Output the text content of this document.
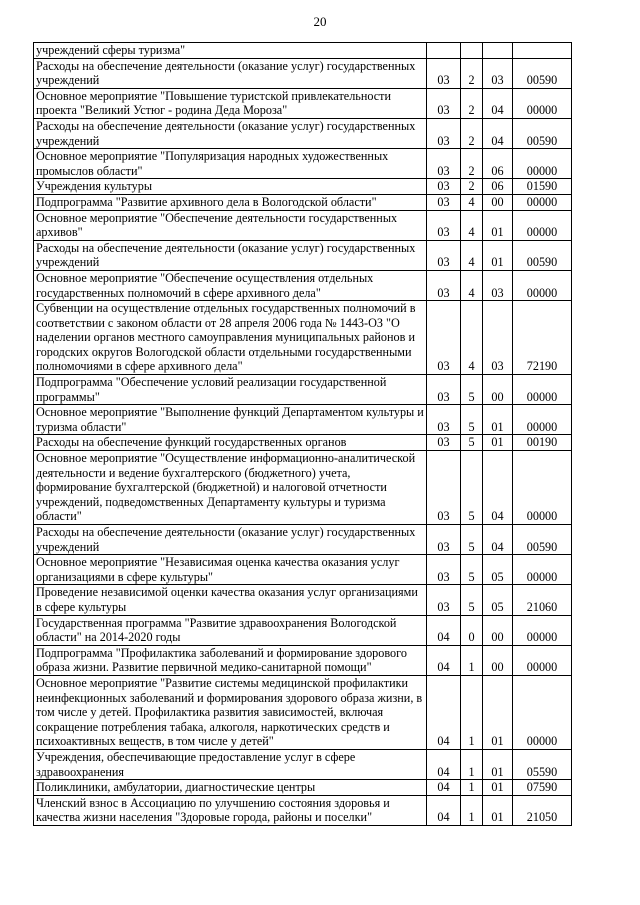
20
учреждений сферы туризма"				
Расходы на обеспечение деятельности (оказание услуг) государственных учреждений	03	2	03	00590
Основное мероприятие "Повышение туристской привлекательности проекта "Великий Устюг - родина Деда Мороза"	03	2	04	00000
Расходы на обеспечение деятельности (оказание услуг) государственных учреждений	03	2	04	00590
Основное мероприятие "Популяризация народных художественных промыслов области"	03	2	06	00000
Учреждения культуры	03	2	06	01590
Подпрограмма "Развитие архивного дела в Вологодской области"	03	4	00	00000
Основное мероприятие "Обеспечение деятельности государственных архивов"	03	4	01	00000
Расходы на обеспечение деятельности (оказание услуг) государственных учреждений	03	4	01	00590
Основное мероприятие "Обеспечение осуществления отдельных государственных полномочий в сфере архивного дела"	03	4	03	00000
Субвенции на осуществление отдельных государственных полномочий в соответствии с законом области от 28 апреля 2006 года № 1443-ОЗ "О наделении органов местного самоуправления муниципальных районов и городских округов Вологодской области отдельными государственными полномочиями в сфере архивного дела"	03	4	03	72190
Подпрограмма "Обеспечение условий реализации государственной программы"	03	5	00	00000
Основное мероприятие "Выполнение функций Департаментом культуры и туризма области"	03	5	01	00000
Расходы на обеспечение функций государственных органов	03	5	01	00190
Основное мероприятие "Осуществление информационно-аналитической деятельности и ведение бухгалтерского (бюджетного) учета, формирование бухгалтерской (бюджетной) и налоговой отчетности учреждений, подведомственных Департаменту культуры и туризма области"	03	5	04	00000
Расходы на обеспечение деятельности (оказание услуг) государственных учреждений	03	5	04	00590
Основное мероприятие "Независимая оценка качества оказания услуг организациями в сфере культуры"	03	5	05	00000
Проведение независимой оценки качества оказания услуг организациями в сфере культуры	03	5	05	21060
Государственная программа "Развитие здравоохранения Вологодской области" на 2014-2020 годы	04	0	00	00000
Подпрограмма "Профилактика заболеваний и формирование здорового образа жизни. Развитие первичной медико-санитарной помощи"	04	1	00	00000
Основное мероприятие "Развитие системы медицинской профилактики неинфекционных заболеваний и формирования здорового образа жизни, в том числе у детей. Профилактика развития зависимостей, включая сокращение потребления табака, алкоголя, наркотических средств и психоактивных веществ, в том числе у детей"	04	1	01	00000
Учреждения, обеспечивающие предоставление услуг в сфере здравоохранения	04	1	01	05590
Поликлиники, амбулатории, диагностические центры	04	1	01	07590
Членский взнос в Ассоциацию по улучшению состояния здоровья и качества жизни населения "Здоровые города, районы и поселки"	04	1	01	21050
